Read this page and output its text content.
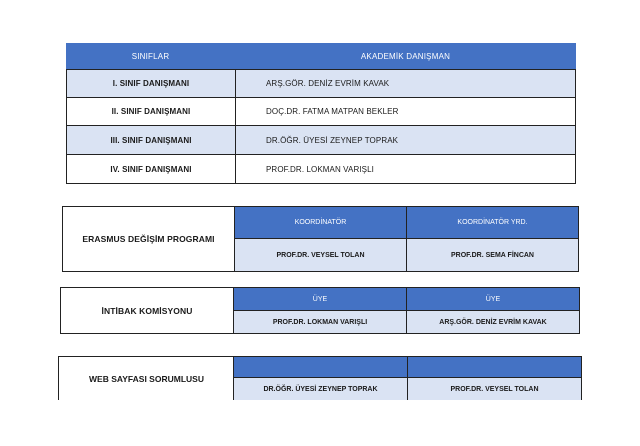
SINIFLAR	AKADEMİK DANIŞMAN
I. SINIF DANIŞMANI	ARŞ.GÖR. DENİZ EVRİM KAVAK
II. SINIF DANIŞMANI	DOÇ.DR. FATMA MATPAN BEKLER
III. SINIF DANIŞMANI	DR.ÖĞR. ÜYESİ ZEYNEP TOPRAK
IV. SINIF DANIŞMANI	PROF.DR. LOKMAN VARIŞLI
ERASMUS DEĞİŞİM PROGRAMI
KOORDİNATÖR	KOORDİNATÖR YRD.
PROF.DR. VEYSEL TOLAN	PROF.DR. SEMA FİNCAN
İNTİBAK KOMİSYONU
ÜYE	ÜYE
PROF.DR. LOKMAN VARIŞLI	ARŞ.GÖR. DENİZ EVRİM KAVAK
WEB SAYFASI SORUMLUSU
DR.ÖĞR. ÜYESİ ZEYNEP TOPRAK	PROF.DR. VEYSEL TOLAN
